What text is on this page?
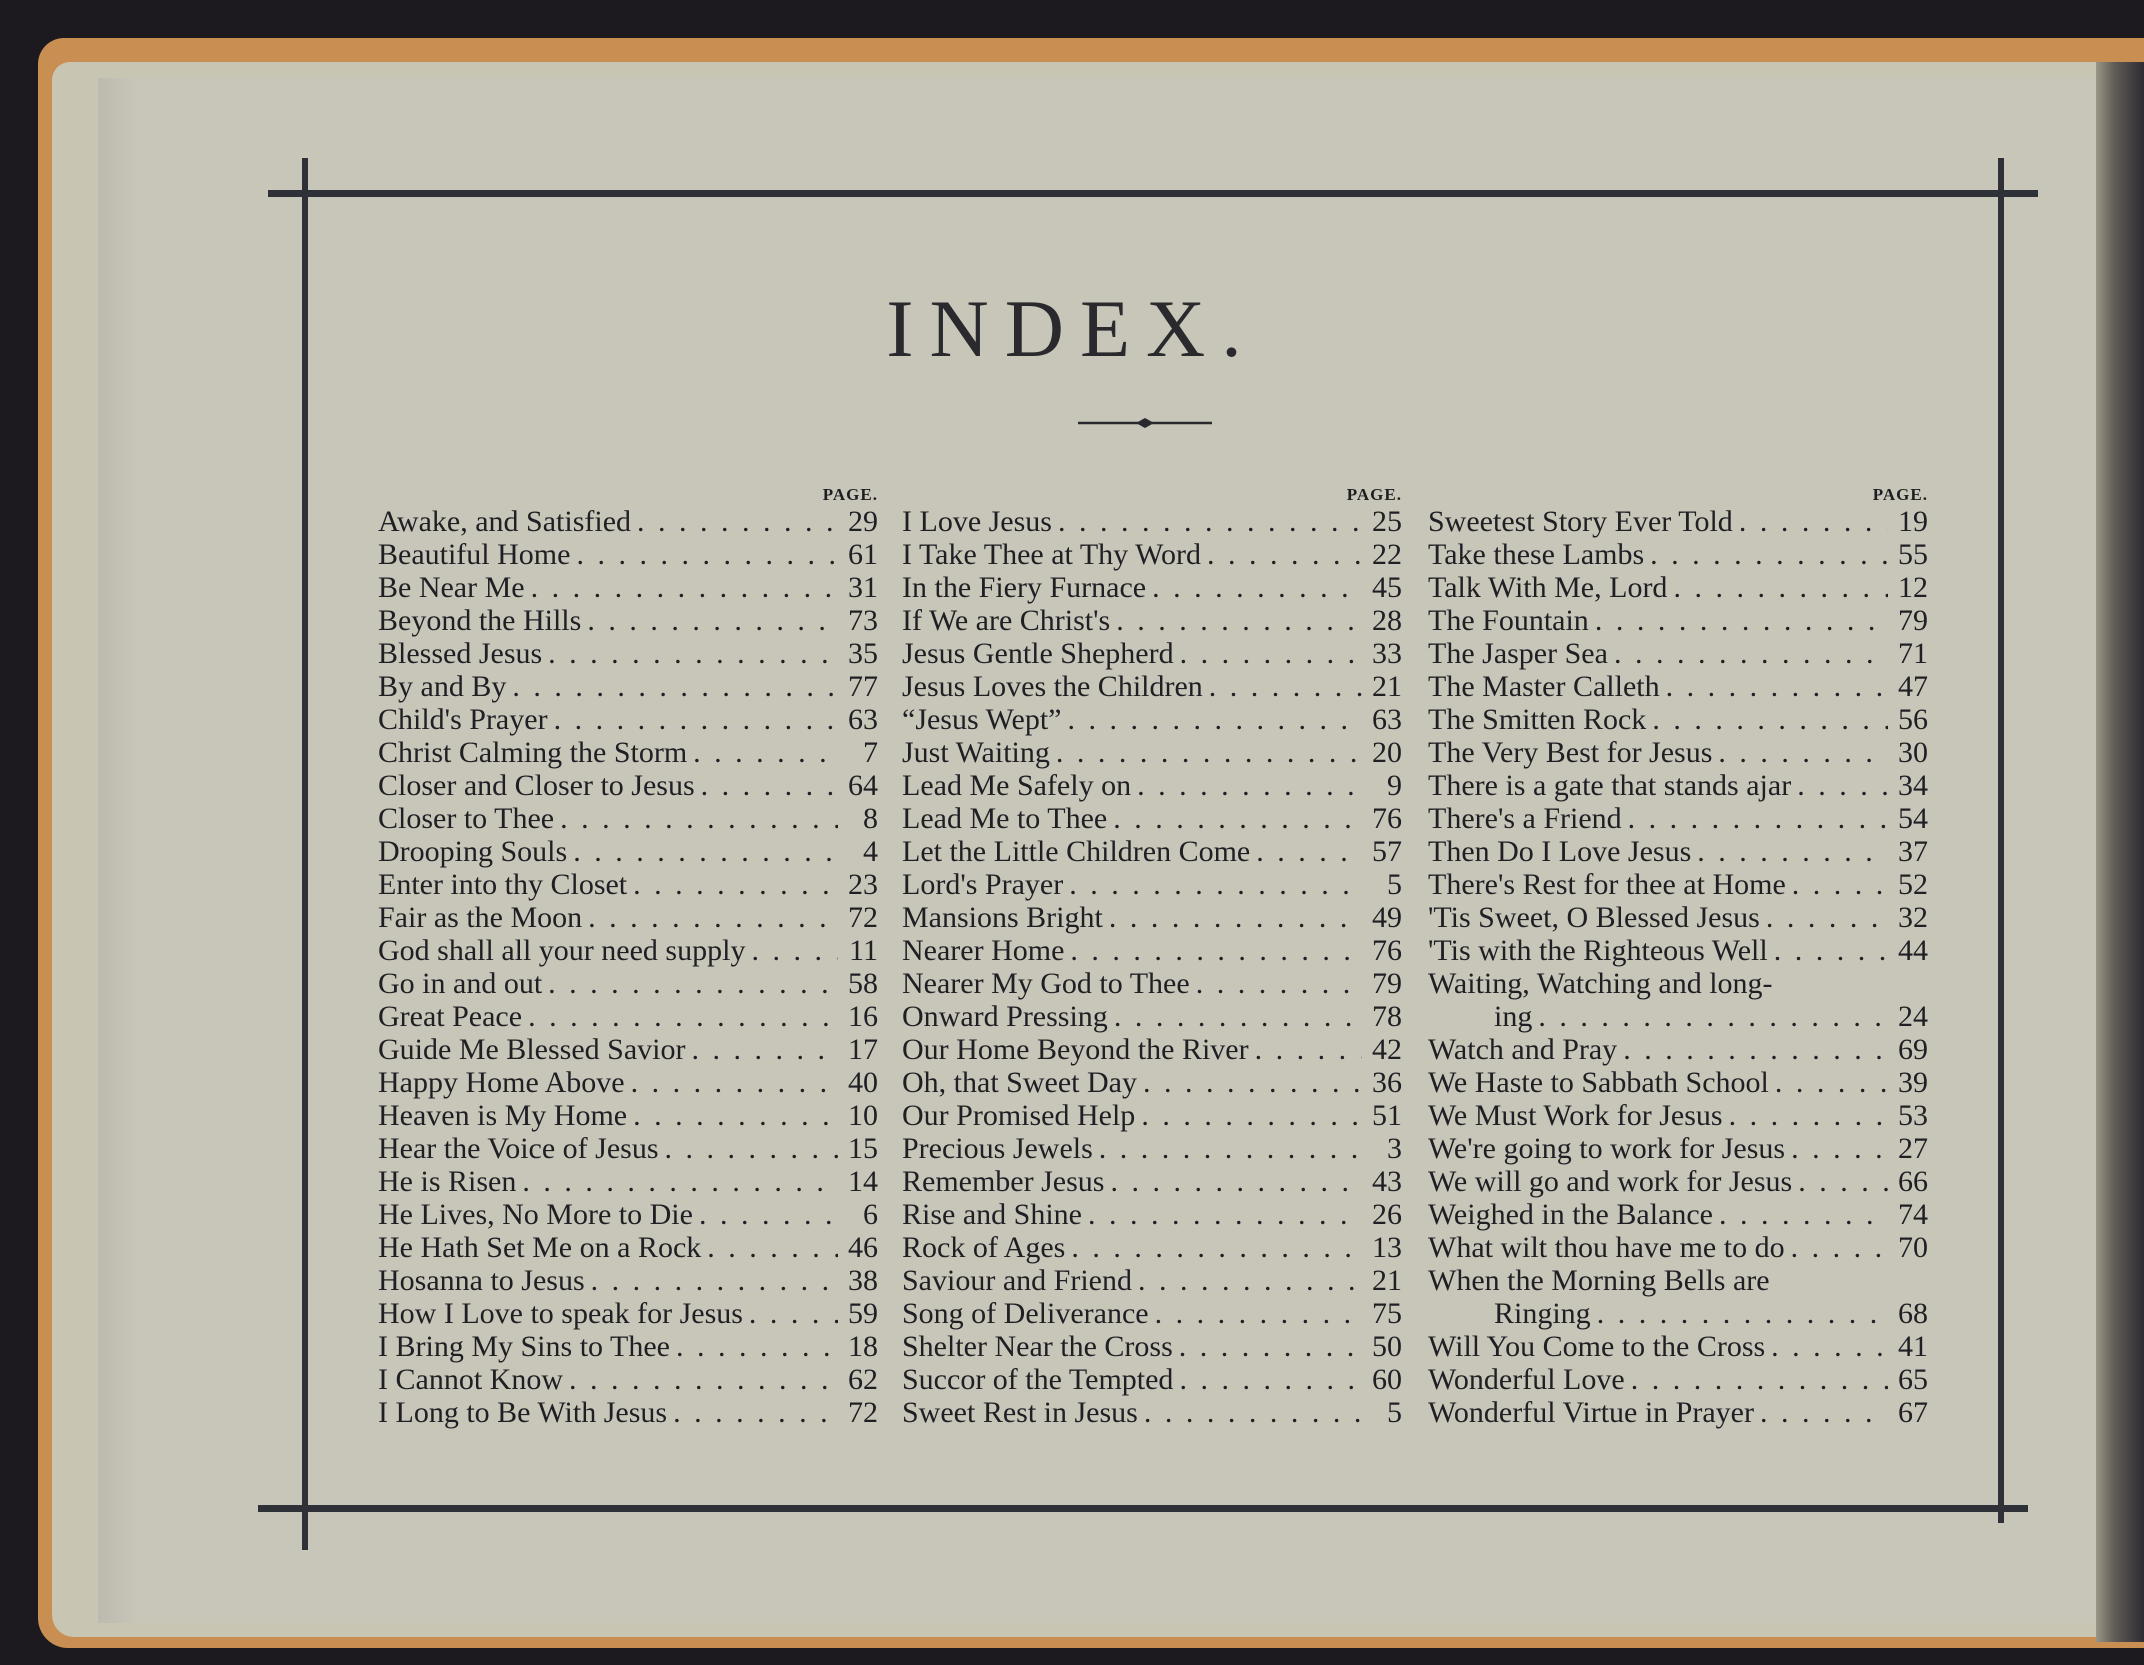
INDEX.
PAGE.
Awake, and Satisfied . . .	29
Beautiful Home . . .	61
Be Near Me . . .	31
Beyond the Hills . . .	73
Blessed Jesus . . .	35
By and By . . .	77
Child's Prayer . . .	63
Christ Calming the Storm . . .	7
Closer and Closer to Jesus . . .	64
Closer to Thee . . .	8
Drooping Souls . . .	4
Enter into thy Closet . . .	23
Fair as the Moon . . .	72
God shall all your need supply . . .	11
Go in and out . . .	58
Great Peace . . .	16
Guide Me Blessed Savior . . .	17
Happy Home Above . . .	40
Heaven is My Home . . .	10
Hear the Voice of Jesus . . .	15
He is Risen . . .	14
He Lives, No More to Die . . .	6
He Hath Set Me on a Rock . . .	46
Hosanna to Jesus . . .	38
How I Love to speak for Jesus . . .	59
I Bring My Sins to Thee . . .	18
I Cannot Know . . .	62
I Long to Be With Jesus . . .	72
PAGE.
I Love Jesus . . .	25
I Take Thee at Thy Word . . .	22
In the Fiery Furnace . . .	45
If We are Christ's . . .	28
Jesus Gentle Shepherd . . .	33
Jesus Loves the Children . . .	21
“Jesus Wept” . . .	63
Just Waiting . . .	20
Lead Me Safely on . . .	9
Lead Me to Thee . . .	76
Let the Little Children Come . . .	57
Lord's Prayer . . .	5
Mansions Bright . . .	49
Nearer Home . . .	76
Nearer My God to Thee . . .	79
Onward Pressing . . .	78
Our Home Beyond the River . . .	42
Oh, that Sweet Day . . .	36
Our Promised Help . . .	51
Precious Jewels . . .	3
Remember Jesus . . .	43
Rise and Shine . . .	26
Rock of Ages . . .	13
Saviour and Friend . . .	21
Song of Deliverance . . .	75
Shelter Near the Cross . . .	50
Succor of the Tempted . . .	60
Sweet Rest in Jesus . . .	5
PAGE.
Sweetest Story Ever Told . . .	19
Take these Lambs . . .	55
Talk With Me, Lord . . .	12
The Fountain . . .	79
The Jasper Sea . . .	71
The Master Calleth . . .	47
The Smitten Rock . . .	56
The Very Best for Jesus . . .	30
There is a gate that stands ajar . . .	34
There's a Friend . . .	54
Then Do I Love Jesus . . .	37
There's Rest for thee at Home . . .	52
'Tis Sweet, O Blessed Jesus . . .	32
'Tis with the Righteous Well . . .	44
Waiting, Watching and long-
ing . . .	24
Watch and Pray . . .	69
We Haste to Sabbath School . . .	39
We Must Work for Jesus . . .	53
We're going to work for Jesus . . .	27
We will go and work for Jesus . . .	66
Weighed in the Balance . . .	74
What wilt thou have me to do . . .	70
When the Morning Bells are
Ringing . . .	68
Will You Come to the Cross . . .	41
Wonderful Love . . .	65
Wonderful Virtue in Prayer . . .	67
